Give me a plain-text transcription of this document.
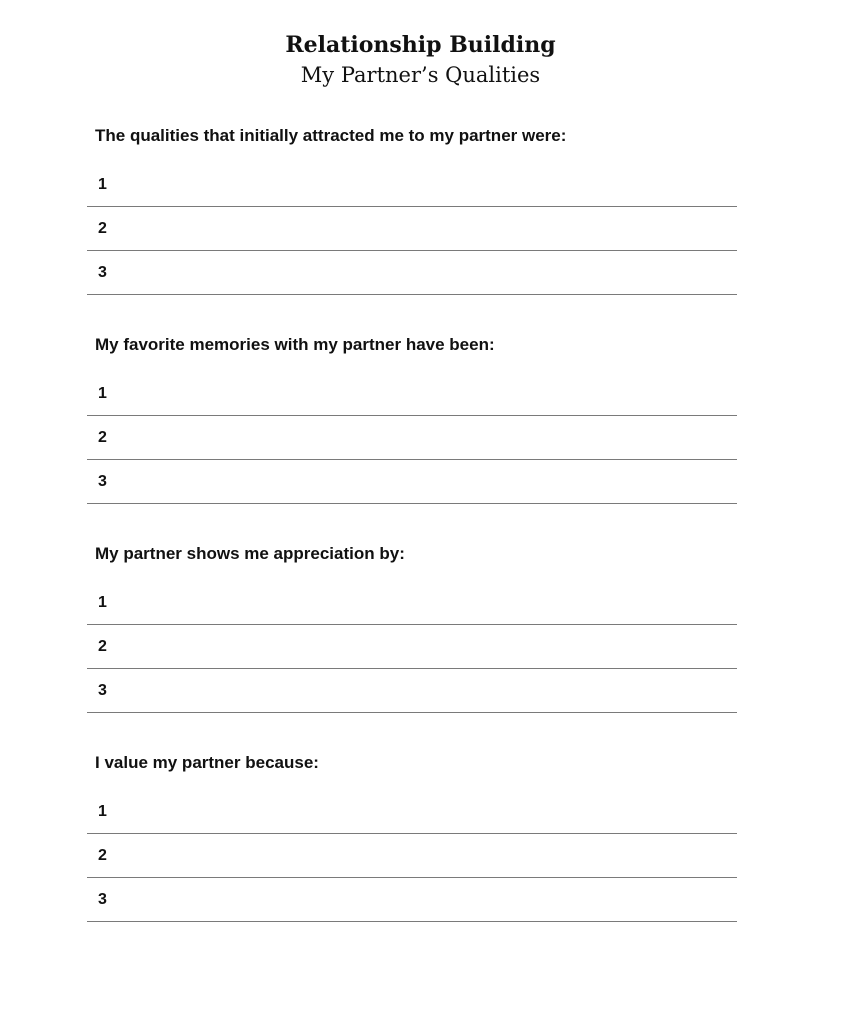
Relationship Building
My Partner’s Qualities

The qualities that initially attracted me to my partner were:

1
2
3

My favorite memories with my partner have been:

1
2
3

My partner shows me appreciation by:

1
2
3

I value my partner because:

1
2
3
